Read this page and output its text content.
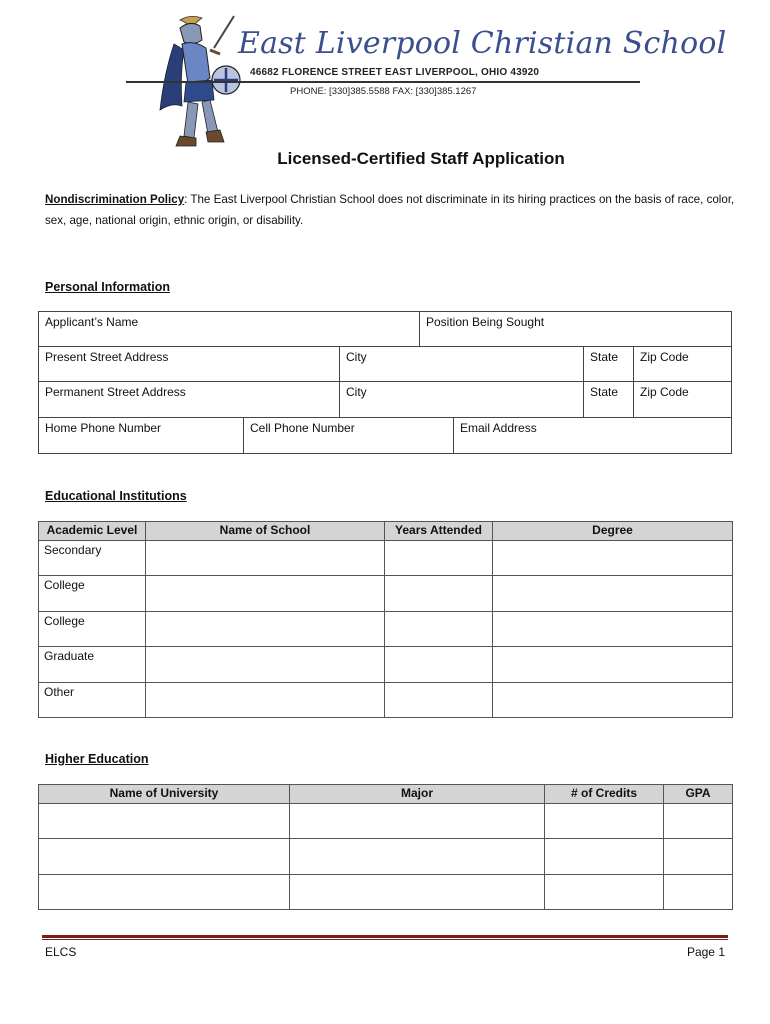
East Liverpool Christian School
46682 FLORENCE STREET EAST LIVERPOOL, OHIO 43920
PHONE: [330]385.5588 FAX: [330]385.1267
Licensed-Certified Staff Application
Nondiscrimination Policy: The East Liverpool Christian School does not discriminate in its hiring practices on the basis of race, color, sex, age, national origin, ethnic origin, or disability.
Personal Information
Applicant’s Name	Position Being Sought
Present Street Address	City	State	Zip Code
Permanent Street Address	City	State	Zip Code
Home Phone Number	Cell Phone Number	Email Address
Educational Institutions
Academic Level	Name of School	Years Attended	Degree
Secondary			
College			
College			
Graduate			
Other			
Higher Education
Name of University	Major	# of Credits	GPA

ELCS	Page 1
